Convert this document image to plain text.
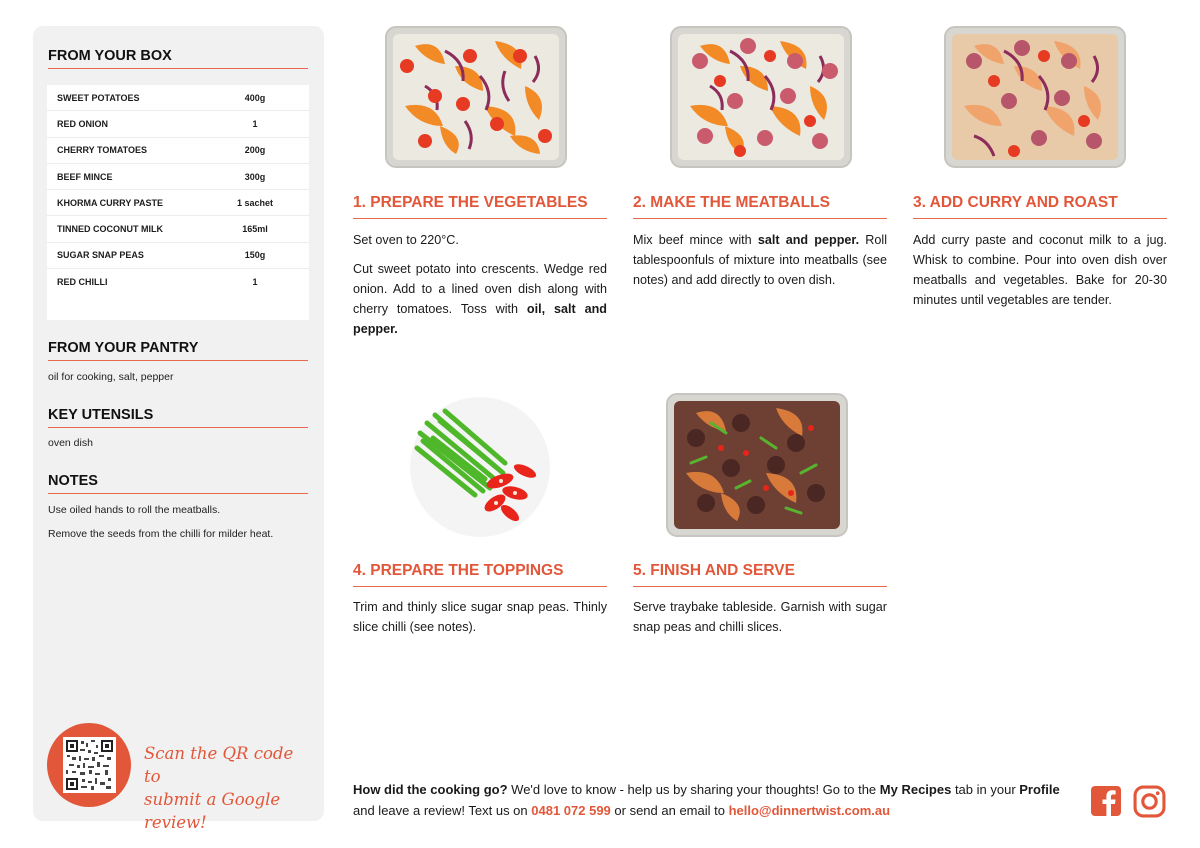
FROM YOUR BOX
SWEET POTATOES	400g
RED ONION	1
CHERRY TOMATOES	200g
BEEF MINCE	300g
KHORMA CURRY PASTE	1 sachet
TINNED COCONUT MILK	165ml
SUGAR SNAP PEAS	150g
RED CHILLI	1
FROM YOUR PANTRY
oil for cooking, salt, pepper
KEY UTENSILS
oven dish
NOTES
Use oiled hands to roll the meatballs.
Remove the seeds from the chilli for milder heat.
Scan the QR code to
submit a Google review!
1. PREPARE THE VEGETABLES

Set oven to 220°C.

Cut sweet potato into crescents. Wedge red onion. Add to a lined oven dish along with cherry tomatoes. Toss with oil, salt and pepper.

2. MAKE THE MEATBALLS

Mix beef mince with salt and pepper. Roll tablespoonfuls of mixture into meatballs (see notes) and add directly to oven dish.

3. ADD CURRY AND ROAST

Add curry paste and coconut milk to a jug. Whisk to combine. Pour into oven dish over meatballs and vegetables. Bake for 20-30 minutes until vegetables are tender.

4. PREPARE THE TOPPINGS

Trim and thinly slice sugar snap peas. Thinly slice chilli (see notes).

5. FINISH AND SERVE

Serve traybake tableside. Garnish with sugar snap peas and chilli slices.

How did the cooking go? We'd love to know - help us by sharing your thoughts! Go to the My Recipes tab in your Profile and leave a review! Text us on 0481 072 599 or send an email to hello@dinnertwist.com.au
